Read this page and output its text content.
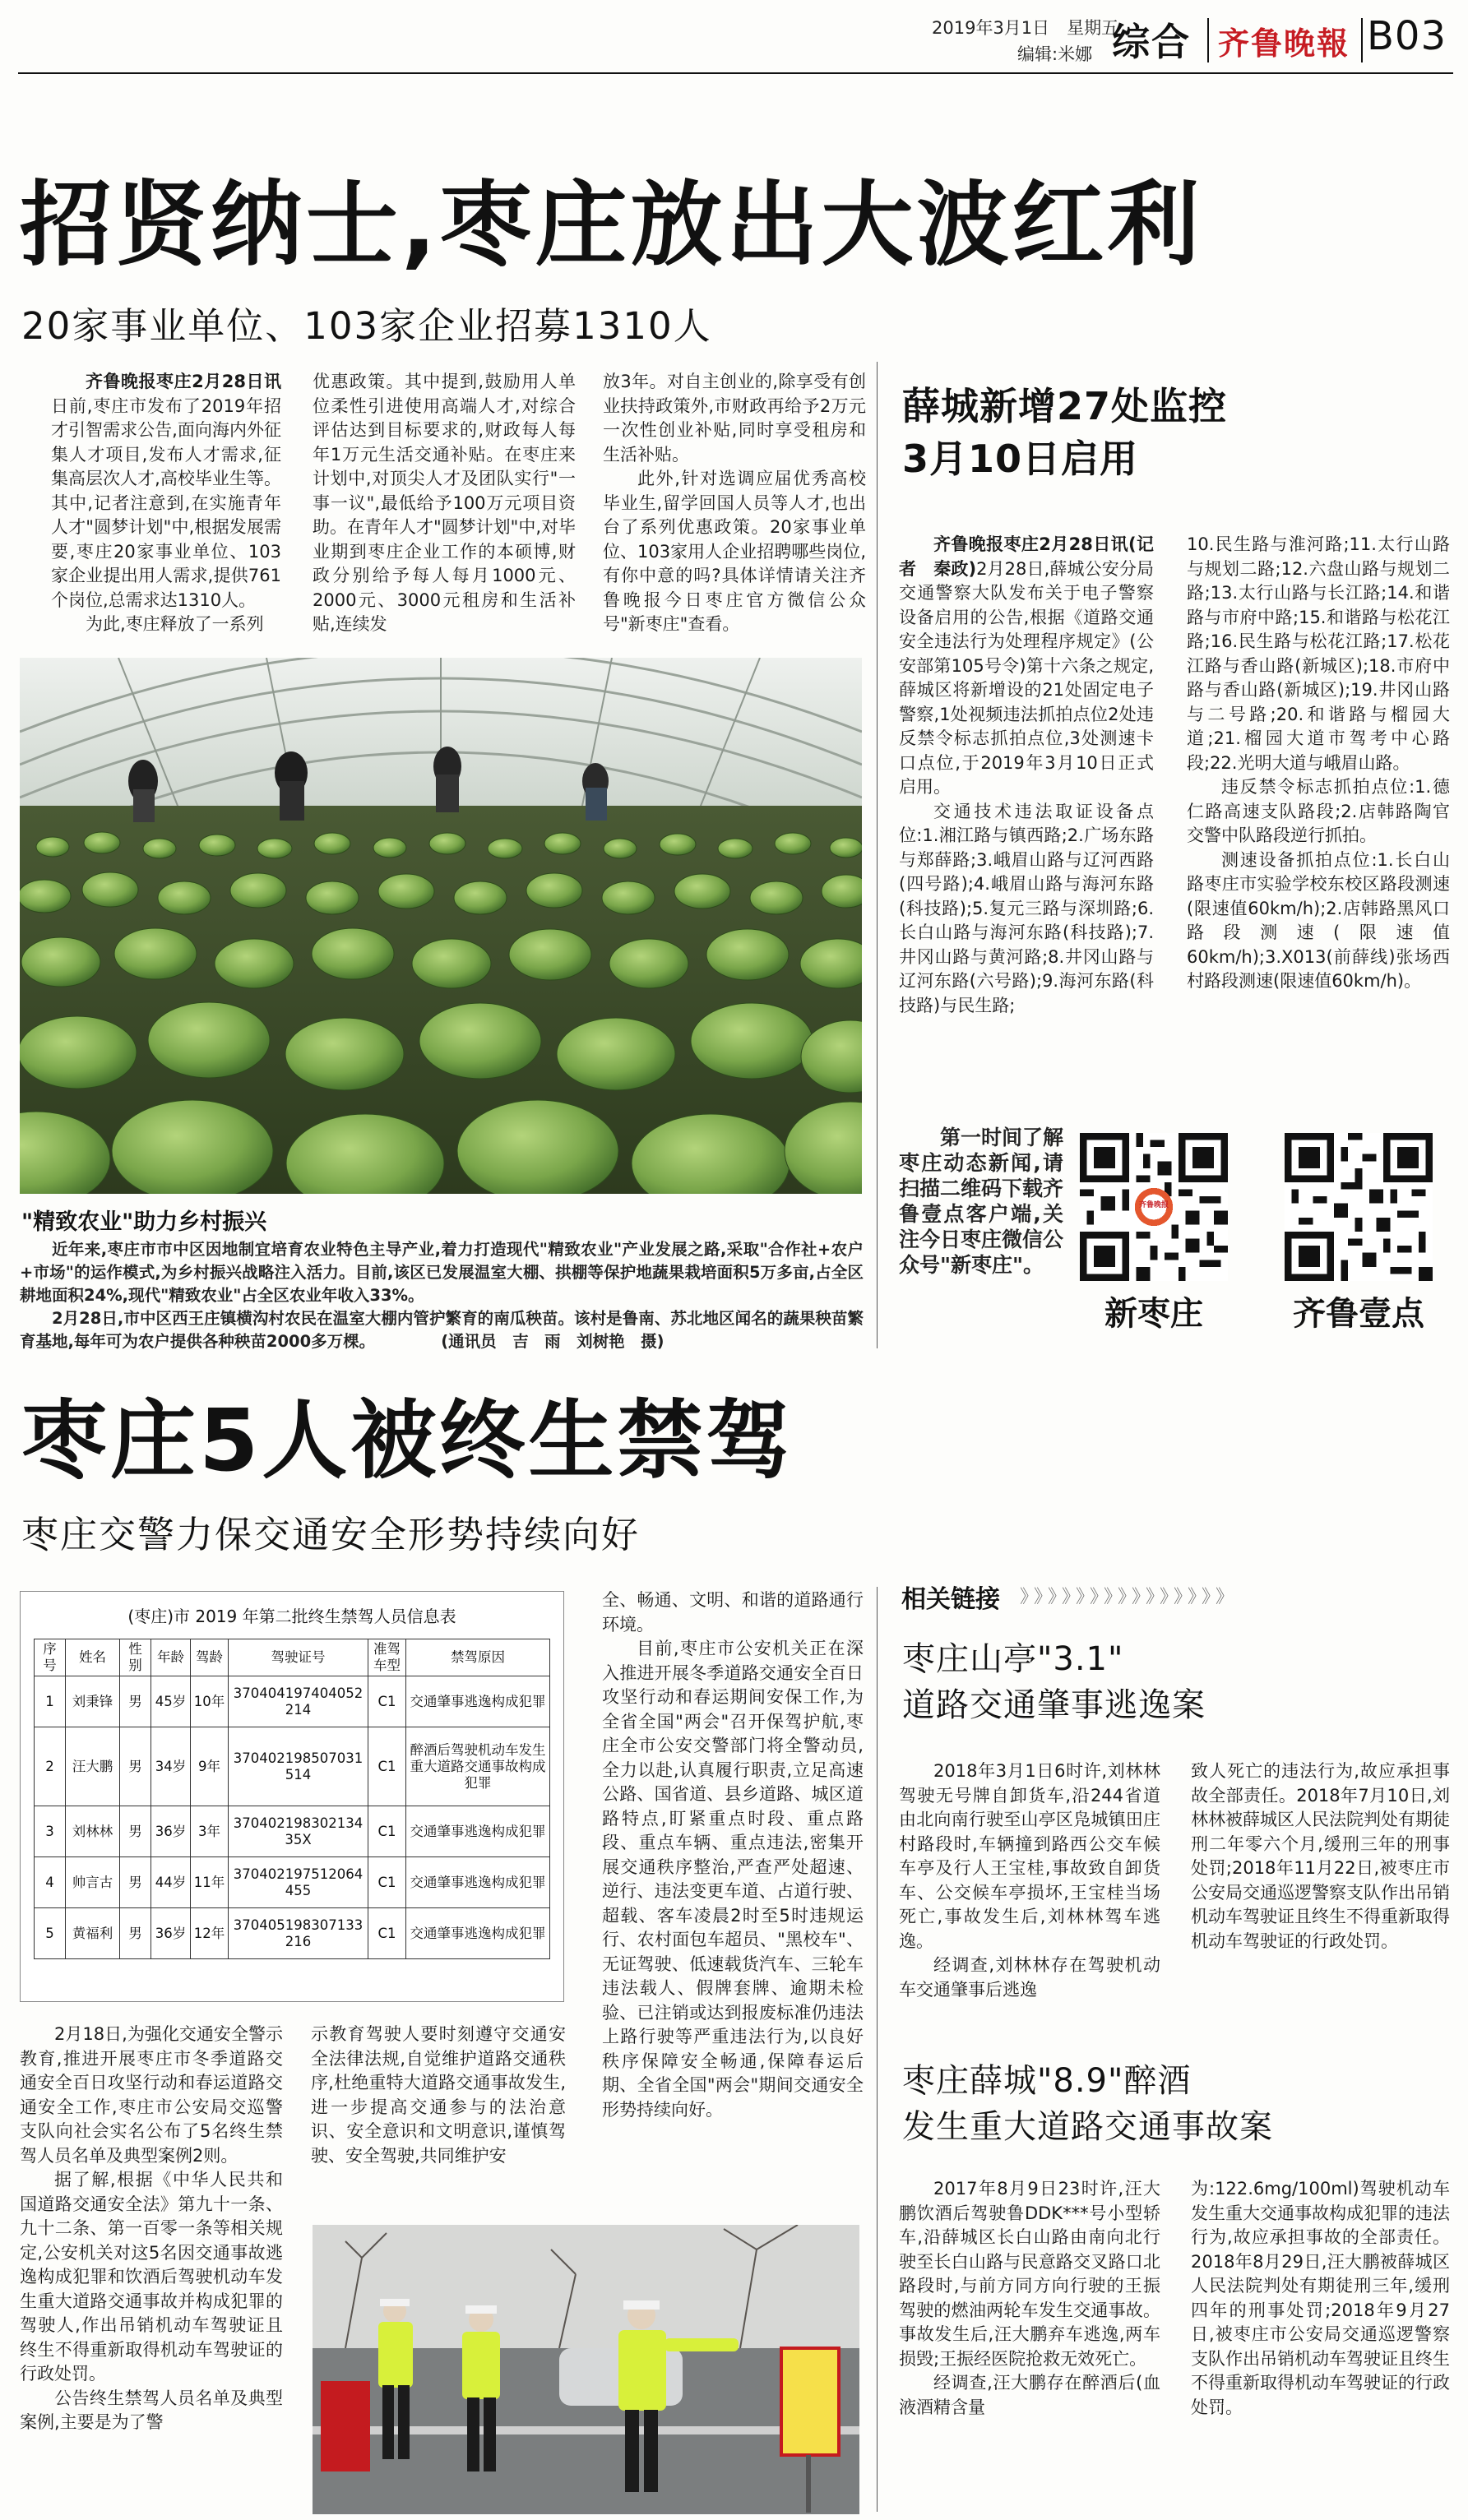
2019年3月1日　星期五
编辑:米娜 综合 齐鲁晚報 B03
招贤纳士,枣庄放出大波红利
20家事业单位、103家企业招募1310人

齐鲁晚报枣庄2月28日讯日前,枣庄市发布了2019年招才引智需求公告,面向海内外征集人才项目,发布人才需求,征集高层次人才,高校毕业生等。其中,记者注意到,在实施青年人才"圆梦计划"中,根据发展需要,枣庄20家事业单位、103家企业提出用人需求,提供761个岗位,总需求达1310人。

为此,枣庄释放了一系列

优惠政策。其中提到,鼓励用人单位柔性引进使用高端人才,对综合评估达到目标要求的,财政每人每年1万元生活交通补贴。在枣庄来计划中,对顶尖人才及团队实行"一事一议",最低给予100万元项目资助。在青年人才"圆梦计划"中,对毕业期到枣庄企业工作的本硕博,财政分别给予每人每月1000元、2000元、3000元租房和生活补贴,连续发

放3年。对自主创业的,除享受有创业扶持政策外,市财政再给予2万元一次性创业补贴,同时享受租房和生活补贴。

此外,针对选调应届优秀高校毕业生,留学回国人员等人才,也出台了系列优惠政策。20家事业单位、103家用人企业招聘哪些岗位,有你中意的吗?具体详情请关注齐鲁晚报今日枣庄官方微信公众号"新枣庄"查看。

"精致农业"助力乡村振兴

近年来,枣庄市市中区因地制宜培育农业特色主导产业,着力打造现代"精致农业"产业发展之路,采取"合作社+农户+市场"的运作模式,为乡村振兴战略注入活力。目前,该区已发展温室大棚、拱棚等保护地蔬果栽培面积5万多亩,占全区耕地面积24%,现代"精致农业"占全区农业年收入33%。

2月28日,市中区西王庄镇横沟村农民在温室大棚内管护繁育的南瓜秧苗。该村是鲁南、苏北地区闻名的蔬果秧苗繁育基地,每年可为农户提供各种秧苗2000多万棵。	(通讯员　吉　雨　刘树艳　摄)

薛城新增27处监控
3月10日启用

齐鲁晚报枣庄2月28日讯(记者　秦政)2月28日,薛城公安分局交通警察大队发布关于电子警察设备启用的公告,根据《道路交通安全违法行为处理程序规定》(公安部第105号令)第十六条之规定,薛城区将新增设的21处固定电子警察,1处视频违法抓拍点位2处违反禁令标志抓拍点位,3处测速卡口点位,于2019年3月10日正式启用。

交通技术违法取证设备点位:1.湘江路与镇西路;2.广场东路与郑薛路;3.峨眉山路与辽河西路(四号路);4.峨眉山路与海河东路(科技路);5.复元三路与深圳路;6.长白山路与海河东路(科技路);7.井冈山路与黄河路;8.井冈山路与辽河东路(六号路);9.海河东路(科技路)与民生路;

10.民生路与淮河路;11.太行山路与规划二路;12.六盘山路与规划二路;13.太行山路与长江路;14.和谐路与市府中路;15.和谐路与松花江路;16.民生路与松花江路;17.松花江路与香山路(新城区);18.市府中路与香山路(新城区);19.井冈山路与二号路;20.和谐路与榴园大道;21.榴园大道市驾考中心路段;22.光明大道与峨眉山路。

违反禁令标志抓拍点位:1.德仁路高速支队路段;2.店韩路陶官交警中队路段逆行抓拍。

测速设备抓拍点位:1.长白山路枣庄市实验学校东校区路段测速(限速值60km/h);2.店韩路黑风口路段测速(限速值60km/h);3.X013(前薛线)张场西村路段测速(限速值60km/h)。

第一时间了解枣庄动态新闻,请扫描二维码下载齐鲁壹点客户端,关注今日枣庄微信公众号"新枣庄"。

齐鲁晚报
新枣庄	齐鲁壹点
枣庄5人被终生禁驾
枣庄交警力保交通安全形势持续向好
(枣庄)市 2019 年第二批终生禁驾人员信息表
序号	姓名	性别	年龄	驾龄	驾驶证号	准驾车型	禁驾原因
1	刘秉锋	男	45岁	10年	370404197404052214	C1	交通肇事逃逸构成犯罪
2	汪大鹏	男	34岁	9年	370402198507031514	C1	醉酒后驾驶机动车发生重大道路交通事故构成犯罪
3	刘林林	男	36岁	3年	370402198302134 35X	C1	交通肇事逃逸构成犯罪
4	帅言古	男	44岁	11年	370402197512064455	C1	交通肇事逃逸构成犯罪
5	黄福利	男	36岁	12年	370405198307133216	C1	交通肇事逃逸构成犯罪

2月18日,为强化交通安全警示教育,推进开展枣庄市冬季道路交通安全百日攻坚行动和春运道路交通安全工作,枣庄市公安局交巡警支队向社会实名公布了5名终生禁驾人员名单及典型案例2则。

据了解,根据《中华人民共和国道路交通安全法》第九十一条、九十二条、第一百零一条等相关规定,公安机关对这5名因交通事故逃逸构成犯罪和饮酒后驾驶机动车发生重大道路交通事故并构成犯罪的驾驶人,作出吊销机动车驾驶证且终生不得重新取得机动车驾驶证的行政处罚。

公告终生禁驾人员名单及典型案例,主要是为了警

示教育驾驶人要时刻遵守交通安全法律法规,自觉维护道路交通秩序,杜绝重特大道路交通事故发生,进一步提高交通参与的法治意识、安全意识和文明意识,谨慎驾驶、安全驾驶,共同维护安

全、畅通、文明、和谐的道路通行环境。

目前,枣庄市公安机关正在深入推进开展冬季道路交通安全百日攻坚行动和春运期间安保工作,为全省全国"两会"召开保驾护航,枣庄全市公安交警部门将全警动员,全力以赴,认真履行职责,立足高速公路、国省道、县乡道路、城区道路特点,盯紧重点时段、重点路段、重点车辆、重点违法,密集开展交通秩序整治,严查严处超速、逆行、违法变更车道、占道行驶、超载、客车凌晨2时至5时违规运行、农村面包车超员、"黑校车"、无证驾驶、低速载货汽车、三轮车违法载人、假牌套牌、逾期未检验、已注销或达到报废标准仍违法上路行驶等严重违法行为,以良好秩序保障安全畅通,保障春运后期、全省全国"两会"期间交通安全形势持续向好。

相关链接 》》》》》》》》》》》》》》》
枣庄山亭"3.1"
道路交通肇事逃逸案

2018年3月1日6时许,刘林林驾驶无号牌自卸货车,沿244省道由北向南行驶至山亭区凫城镇田庄村路段时,车辆撞到路西公交车候车亭及行人王宝桂,事故致自卸货车、公交候车亭损坏,王宝桂当场死亡,事故发生后,刘林林驾车逃逸。

经调查,刘林林存在驾驶机动车交通肇事后逃逸

致人死亡的违法行为,故应承担事故全部责任。2018年7月10日,刘林林被薛城区人民法院判处有期徒刑二年零六个月,缓刑三年的刑事处罚;2018年11月22日,被枣庄市公安局交通巡逻警察支队作出吊销机动车驾驶证且终生不得重新取得机动车驾驶证的行政处罚。

枣庄薛城"8.9"醉酒
发生重大道路交通事故案

2017年8月9日23时许,汪大鹏饮酒后驾驶鲁DDK***号小型轿车,沿薛城区长白山路由南向北行驶至长白山路与民意路交叉路口北路段时,与前方同方向行驶的王振驾驶的燃油两轮车发生交通事故。事故发生后,汪大鹏弃车逃逸,两车损毁;王振经医院抢救无效死亡。

经调查,汪大鹏存在醉酒后(血液酒精含量

为:122.6mg/100ml)驾驶机动车发生重大交通事故构成犯罪的违法行为,故应承担事故的全部责任。2018年8月29日,汪大鹏被薛城区人民法院判处有期徒刑三年,缓刑四年的刑事处罚;2018年9月27日,被枣庄市公安局交通巡逻警察支队作出吊销机动车驾驶证且终生不得重新取得机动车驾驶证的行政处罚。
